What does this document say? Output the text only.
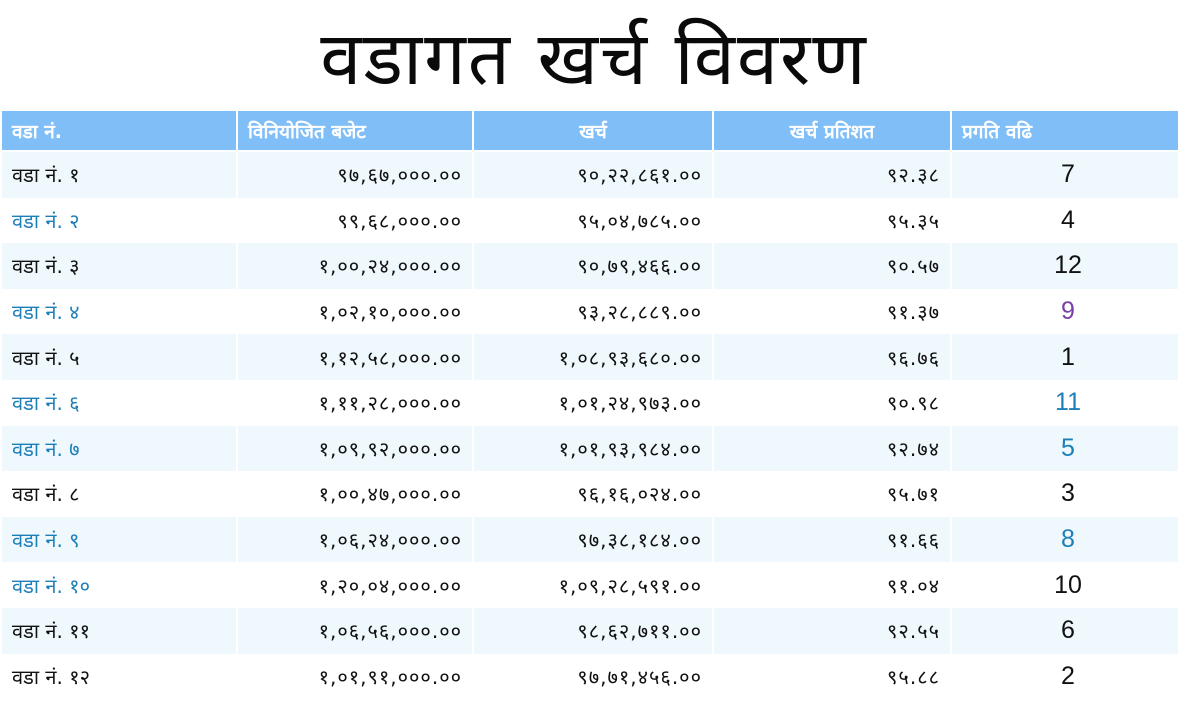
वडागत खर्च विवरण
वडा नं.	विनियोजित बजेट	खर्च	खर्च प्रतिशत	प्रगति वढि
वडा नं. १	९७,६७,०००.००	९०,२२,८६१.००	९२.३८	7
वडा नं. २	९९,६८,०००.००	९५,०४,७८५.००	९५.३५	4
वडा नं. ३	१,००,२४,०००.००	९०,७९,४६६.००	९०.५७	12
वडा नं. ४	१,०२,१०,०००.००	९३,२८,८८९.००	९१.३७	9
वडा नं. ५	१,१२,५८,०००.००	१,०८,९३,६८०.००	९६.७६	1
वडा नं. ६	१,११,२८,०००.००	१,०१,२४,९७३.००	९०.९८	11
वडा नं. ७	१,०९,९२,०००.००	१,०१,९३,९८४.००	९२.७४	5
वडा नं. ८	१,००,४७,०००.००	९६,१६,०२४.००	९५.७१	3
वडा नं. ९	१,०६,२४,०००.००	९७,३८,१८४.००	९१.६६	8
वडा नं. १०	१,२०,०४,०००.००	१,०९,२८,५९१.००	९१.०४	10
वडा नं. ११	१,०६,५६,०००.००	९८,६२,७११.००	९२.५५	6
वडा नं. १२	१,०१,९१,०००.००	९७,७१,४५६.००	९५.८८	2
